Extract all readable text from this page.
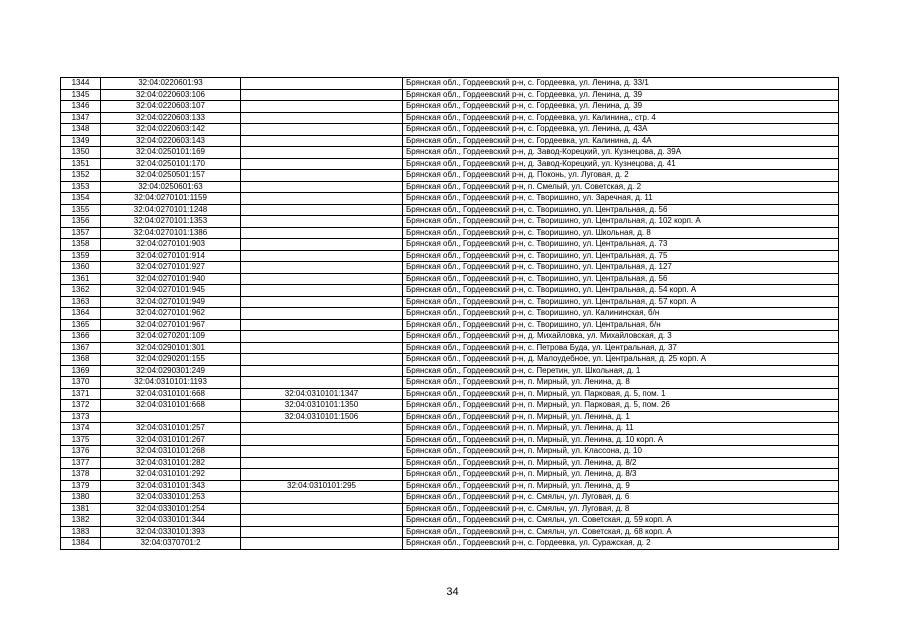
1344	32:04:0220601:93		Брянская обл., Гордеевский р-н, с. Гордеевка, ул. Ленина, д. 33/1
1345	32:04:0220603:106		Брянская обл., Гордеевский р-н, с. Гордеевка, ул. Ленина, д. 39
1346	32:04:0220603:107		Брянская обл., Гордеевский р-н, с. Гордеевка, ул. Ленина, д. 39
1347	32:04:0220603:133		Брянская обл., Гордеевский р-н, с. Гордеевка, ул. Калинина,, стр. 4
1348	32:04:0220603:142		Брянская обл., Гордеевский р-н, с. Гордеевка, ул. Ленина, д. 43А
1349	32:04:0220603:143		Брянская обл., Гордеевский р-н, с. Гордеевка, ул. Калинина, д. 4А
1350	32:04:0250101:169		Брянская обл., Гордеевский р-н, д. Завод-Корецкий, ул. Кузнецова, д. 39А
1351	32:04:0250101:170		Брянская обл., Гордеевский р-н, д. Завод-Корецкий, ул. Кузнецова, д. 41
1352	32:04:0250501:157		Брянская обл., Гордеевский р-н, д. Поконь, ул. Луговая, д. 2
1353	32:04:0250601:63		Брянская обл., Гордеевский р-н, п. Смелый, ул. Советская, д. 2
1354	32:04:0270101:1159		Брянская обл., Гордеевский р-н, с. Творишино, ул. Заречная, д. 11
1355	32:04:0270101:1248		Брянская обл., Гордеевский р-н, с. Творишино, ул. Центральная, д. 56
1356	32:04:0270101:1353		Брянская обл., Гордеевский р-н, с. Творишино, ул. Центральная, д. 102 корп. А
1357	32:04:0270101:1386		Брянская обл., Гордеевский р-н, с. Творишино, ул. Школьная, д. 8
1358	32:04:0270101:903		Брянская обл., Гордеевский р-н, с. Творишино, ул. Центральная, д. 73
1359	32:04:0270101:914		Брянская обл., Гордеевский р-н, с. Творишино, ул. Центральная, д. 75
1360	32:04:0270101:927		Брянская обл., Гордеевский р-н, с. Творишино, ул. Центральная, д. 127
1361	32:04:0270101:940		Брянская обл., Гордеевский р-н, с. Творишино, ул. Центральная, д. 56
1362	32:04:0270101:945		Брянская обл., Гордеевский р-н, с. Творишино, ул. Центральная, д. 54 корп. А
1363	32:04:0270101:949		Брянская обл., Гордеевский р-н, с. Творишино, ул. Центральная, д. 57 корп. А
1364	32:04:0270101:962		Брянская обл., Гордеевский р-н, с. Творишино, ул. Калининская, б/н
1365	32:04:0270101:967		Брянская обл., Гордеевский р-н, с. Творишино, ул. Центральная, б/н
1366	32:04:0270201:109		Брянская обл., Гордеевский р-н, д. Михайловка, ул. Михайловская, д. 3
1367	32:04:0290101:301		Брянская обл., Гордеевский р-н, с. Петрова Буда, ул. Центральная, д. 37
1368	32:04:0290201:155		Брянская обл., Гордеевский р-н, д. Малоудебное, ул. Центральная, д. 25 корп. А
1369	32:04:0290301:249		Брянская обл., Гордеевский р-н, с. Перетин, ул. Школьная, д. 1
1370	32:04:0310101:1193		Брянская обл., Гордеевский р-н, п. Мирный, ул. Ленина, д. 8
1371	32:04:0310101:668	32:04:0310101:1347	Брянская обл., Гордеевский р-н, п. Мирный, ул. Парковая, д. 5, пом. 1
1372	32:04:0310101:668	32:04:0310101:1350	Брянская обл., Гордеевский р-н, п. Мирный, ул. Парковая, д. 5, пом. 26
1373		32:04:0310101:1506	Брянская обл., Гордеевский р-н, п. Мирный, ул. Ленина, д. 1
1374	32:04:0310101:257		Брянская обл., Гордеевский р-н, п. Мирный, ул. Ленина, д. 11
1375	32:04:0310101:267		Брянская обл., Гордеевский р-н, п. Мирный, ул. Ленина, д. 10 корп. А
1376	32:04:0310101:268		Брянская обл., Гордеевский р-н, п. Мирный, ул. Классона, д. 10
1377	32:04:0310101:282		Брянская обл., Гордеевский р-н, п. Мирный, ул. Ленина, д. 8/2
1378	32:04:0310101:292		Брянская обл., Гордеевский р-н, п. Мирный, ул. Ленина, д. 8/3
1379	32:04:0310101:343	32:04:0310101:295	Брянская обл., Гордеевский р-н, п. Мирный, ул. Ленина, д. 9
1380	32:04:0330101:253		Брянская обл., Гордеевский р-н, с. Смяльч, ул. Луговая, д. 6
1381	32:04:0330101:254		Брянская обл., Гордеевский р-н, с. Смяльч, ул. Луговая, д. 8
1382	32:04:0330101:344		Брянская обл., Гордеевский р-н, с. Смяльч, ул. Советская, д. 59 корп. А
1383	32:04:0330101:393		Брянская обл., Гордеевский р-н, с. Смяльч, ул. Советская, д. 68 корп. А
1384	32:04:0370701:2		Брянская обл., Гордеевский р-н, с. Гордеевка, ул. Суражская, д. 2
34
